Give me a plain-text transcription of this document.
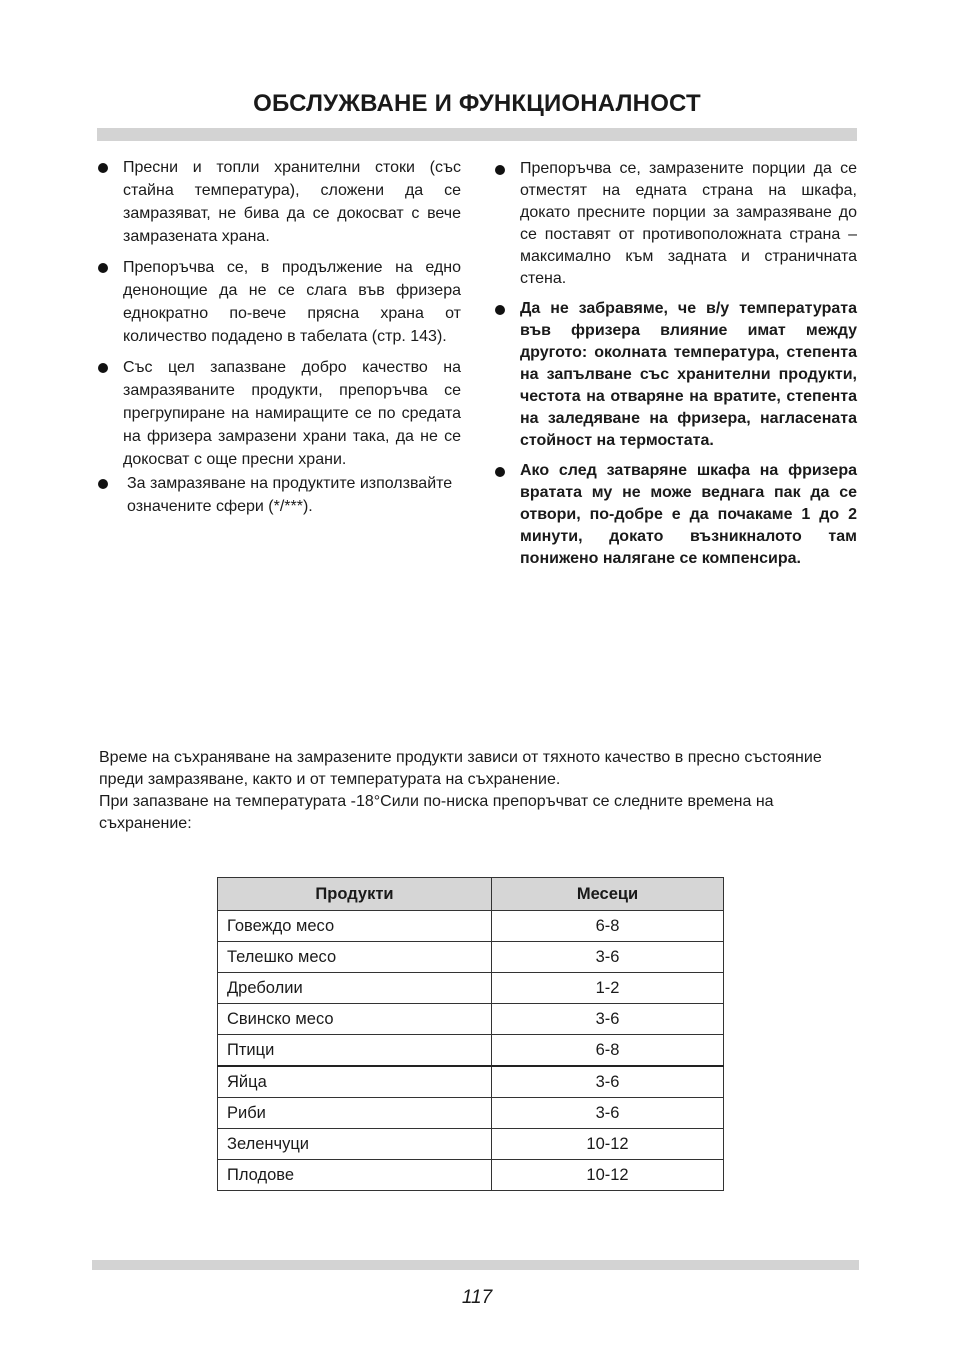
ОБСЛУЖВАНЕ И ФУНКЦИОНАЛНОСТ
Пресни и топли хранителни стоки (със стайна температура), сложени да се замразяват, не бива да се докосват с вече замразената храна.
Препоръчва се, в продължение на едно денонощие да не се слага във фризера еднократно по-вече прясна храна от количество подадено в табелата (стр. 143).
Със цел запазване добро качество на замразяваните продукти, препоръчва се прегрупиране на намиращите се по средата на фризера замразени храни така, да не се докосват с още пресни храни.
За замразяване на продуктите използвайте означените сфери (*/***).
Препоръчва се, замразените порции да се отместят на едната страна на шкафа, докато пресните порции за замразяване до се поставят от противоположната страна – максимално към задната и страничната стена.
Да не забравяме, че в/у температурата във фризера влияние имат между другото: околната температура, степента на запълване със хранителни продукти, честота на отваряне на вратите, степента на заледяване на фризера, нагласената стойност на термостата.
Ако след затваряне шкафа на фризера вратата му не може веднага пак да се отвори, по-добре е да почакаме 1 до 2 минути, докато възникналото там понижено налягане се компенсира.

Време на съхраняване на замразените продукти зависи от тяхното качество в пресно състояние преди замразяване, както и от температурата на съхранение.

При запазване на температурата -18°Сили по-ниска препоръчват се следните времена на съхранение:

Продукти	Месеци
Говеждо месо	6-8
Телешко месо	3-6
Дреболии	1-2
Свинско месо	3-6
Птици	6-8
Яйца	3-6
Риби	3-6
Зеленчуци	10-12
Плодове	10-12
117
